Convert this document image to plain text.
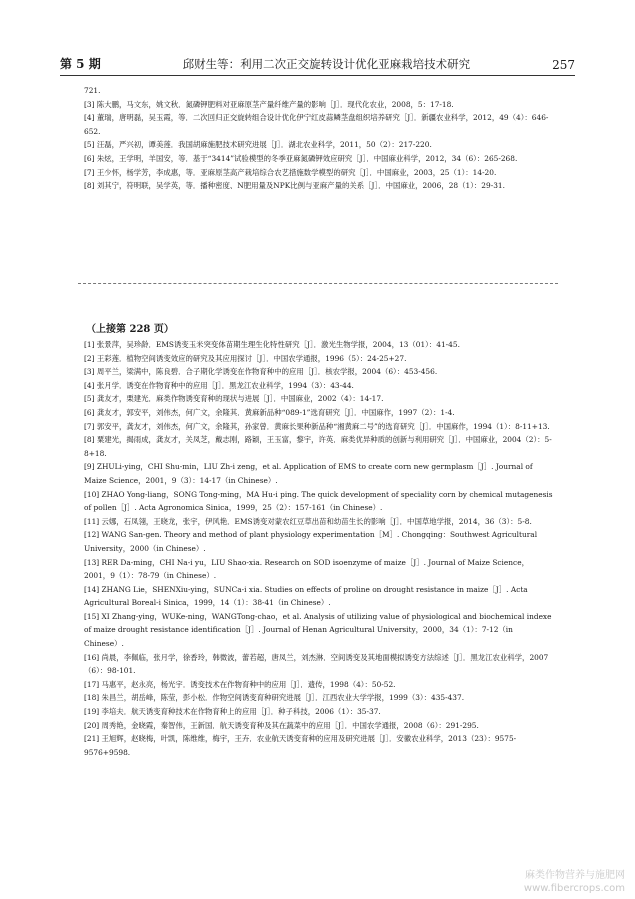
第 5 期	邱财生等：利用二次正交旋转设计优化亚麻栽培技术研究	257

721.

[3] 陈大鹏，马文东，姚文秋．氮磷钾肥料对亚麻原茎产量纤维产量的影响［J］．现代化农业，2008，5：17-18.

[4] 董瑞，唐明磊，吴玉霞，等．二次回归正交旋转组合设计优化伊宁红皮蒜鳞茎盘组织培养研究［J］．新疆农业科学，2012，49（4）：646-652.

[5] 汪磊，严兴初，谭美莲．我国胡麻施肥技术研究进展［J］．湖北农业科学，2011，50（2）：217-220.

[6] 朱炫，王学明，羊国安，等．基于“3414”试验模型的冬季亚麻氮磷钾效应研究［J］．中国麻业科学，2012，34（6）：265-268.

[7] 王少怀，杨学芳，李成惠，等．亚麻原茎高产栽培综合农艺措施数学模型的研究［J］．中国麻业，2003，25（1）：14-20.

[8] 刘其宁，符明联，吴学英，等．播种密度、N肥用量及NPK比例与亚麻产量的关系［J］．中国麻业，2006，28（1）：29-31.

（上接第 228 页）

[1] 张景萍，吴珍龄．EMS诱变玉米突变体苗期生理生化特性研究［J］．激光生物学报，2004，13（01）：41-45.

[2] 王彩莲．植物空间诱变效应的研究及其应用探讨［J］．中国农学通报，1996（5）：24-25+27.

[3] 周平兰，梁满中，陈良碧．合子期化学诱变在作物育种中的应用［J］．核农学报，2004（6）：453-456.

[4] 张月学．诱变在作物育种中的应用［J］．黑龙江农业科学，1994（3）：43-44.

[5] 龚友才，栗建光．麻类作物诱变育种的现状与进展［J］．中国麻业，2002（4）：14-17.

[6] 龚友才，郭安平，刘伟杰，何广文，余隆其．黄麻新品种“089-1”选育研究［J］．中国麻作，1997（2）：1-4.

[7] 郭安平，龚友才，刘伟杰，何广文，余隆其，孙家曾．黄麻长果种新品种“湘黄麻二号”的选育研究［J］．中国麻作，1994（1）：8-11+13.

[8] 粟建光，揭雨成，龚友才，关凤芝，戴志刚，路颖，王玉富，黎宇，许英．麻类优异种质的创新与利用研究［J］．中国麻业，2004（2）：5-8+18.

[9] ZHULi-ying，CHI Shu-min，LIU Zh-i zeng，et al. Application of EMS to create corn new germplasm［J］. Journal of Maize Science，2001，9（3）：14-17（in Chinese）.

[10] ZHAO Yong-liang，SONG Tong-ming，MA Hu-i ping. The quick development of speciality corn by chemical mutagenesis of pollen［J］. Acta Agronomica Sinica，1999，25（2）：157-161（in Chinese）.

[11] 云娜，石凤翎，王晓龙，张宇，伊风艳．EMS诱变对蒙农红豆草出苗和幼苗生长的影响［J］．中国草地学报，2014，36（3）：5-8.

[12] WANG San-gen. Theory and method of plant physiology experimentation［M］. Chongqing：Southwest Agricultural University，2000（in Chinese）.

[13] RER Da-ming，CHI Na-i yu，LIU Shao-xia. Research on SOD isoenzyme of maize［J］. Journal of Maize Science，2001，9（1）：78-79（in Chinese）.

[14] ZHANG Lie，SHENXiu-ying，SUNCa-i xia. Studies on effects of proline on drought resistance in maize［J］. Acta Agricultural Boreal-i Sinica，1999，14（1）：38-41（in Chinese）.

[15] XI Zhang-ying，WUKe-ning，WANGTong-chao，et al. Analysis of utilizing value of physiological and biochemical indexe of maize drought resistance identification［J］. Journal of Henan Agricultural University，2000，34（1）：7-12（in Chinese）.

[16] 尚晨，李佩临，张月学，徐香玲，韩微波，蕾若超，唐凤兰，刘杰淋．空间诱变及其地面模拟诱变方法综述［J］．黑龙江农业科学，2007（6）：98-101.

[17] 马惠平，赵永亮，杨光宇．诱变技术在作物育种中的应用［J］．遗传，1998（4）：50-52.

[18] 朱昌兰，胡岳峰，陈莹，彭小松．作物空间诱变育种研究进展［J］．江西农业大学学报，1999（3）：435-437.

[19] 李培夫．航天诱变育种技术在作物育种上的应用［J］．种子科技，2006（1）：35-37.

[20] 周秀艳，金晓霞，秦智伟，王新国．航天诱变育种及其在蔬菜中的应用［J］．中国农学通报，2008（6）：291-295.

[21] 王旭辉，赵晓梅，叶凯，陈维维，梅宇，王卉．农业航天诱变育种的应用及研究进展［J］．安徽农业科学，2013（23）：9575-9576+9598.

麻类作物营养与施肥网
www.fibercrops.com
